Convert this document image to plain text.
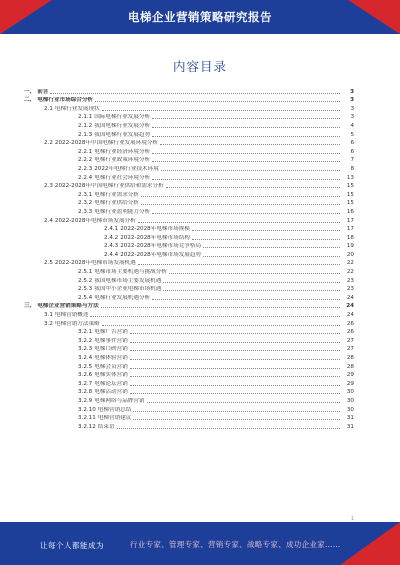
电梯企业营销策略研究报告
内容目录
一、 前言	3
二、 电梯行业市场综合分析	3
2.1 电梯行业发展现状	3
2.1.1 国际电梯行业发展分析	3
2.1.2 我国电梯行业发展分析	4
2.1.3 我国电梯行业发展趋势	5
2.2 2022-2028年中国电梯行业发展环境分析	6
2.2.1 电梯行业经济环境分析	6
2.2.2 电梯行业政策环境分析	7
2.2.3 2022年电梯行业技术环境	8
2.2.4 电梯行业社会环境分析	13
2.3 2022-2028年中国电梯行业供给和需求分析	15
2.3.1 电梯行业需求分析	15
2.3.2 电梯行业供给分析	15
2.3.3 电梯行业盈利能力分析	16
2.4 2022-2028年电梯市场发展分析	17
2.4.1 2022-2028年电梯市场规模	17
2.4.2 2022-2028年电梯市场结构	18
2.4.3 2022-2028年电梯市场竞争格局	19
2.4.4 2022-2028年电梯市场发展趋势	20
2.5 2022-2028年电梯市场发展机遇	22
2.5.1 电梯市场主要机遇与挑战分析	22
2.5.2 我国电梯市场主要发展机遇	23
2.5.3 我国中小企业电梯市场机遇	23
2.5.4 电梯行业发展机遇分析	24
三、 电梯企业营销策略与方法	24
3.1 电梯营销概述	24
3.2 电梯营销方法策略	26
3.2.1 电梯广告营销	26
3.2.2 电梯事件营销	27
3.2.3 电梯口碑营销	27
3.2.4 电梯体验营销	28
3.2.5 电梯会员营销	28
3.2.6 电梯实体营销	29
3.2.7 电梯论坛营销	29
3.2.8 电梯活动营销	30
3.2.9 电梯网络与品牌营销	30
3.2.10 电梯营销总结	30
3.2.11 电梯营销建议	31
3.2.12 结束语	31
1
让每个人都能成为	行业专家、管理专家、营销专家、战略专家、成功企业家……
